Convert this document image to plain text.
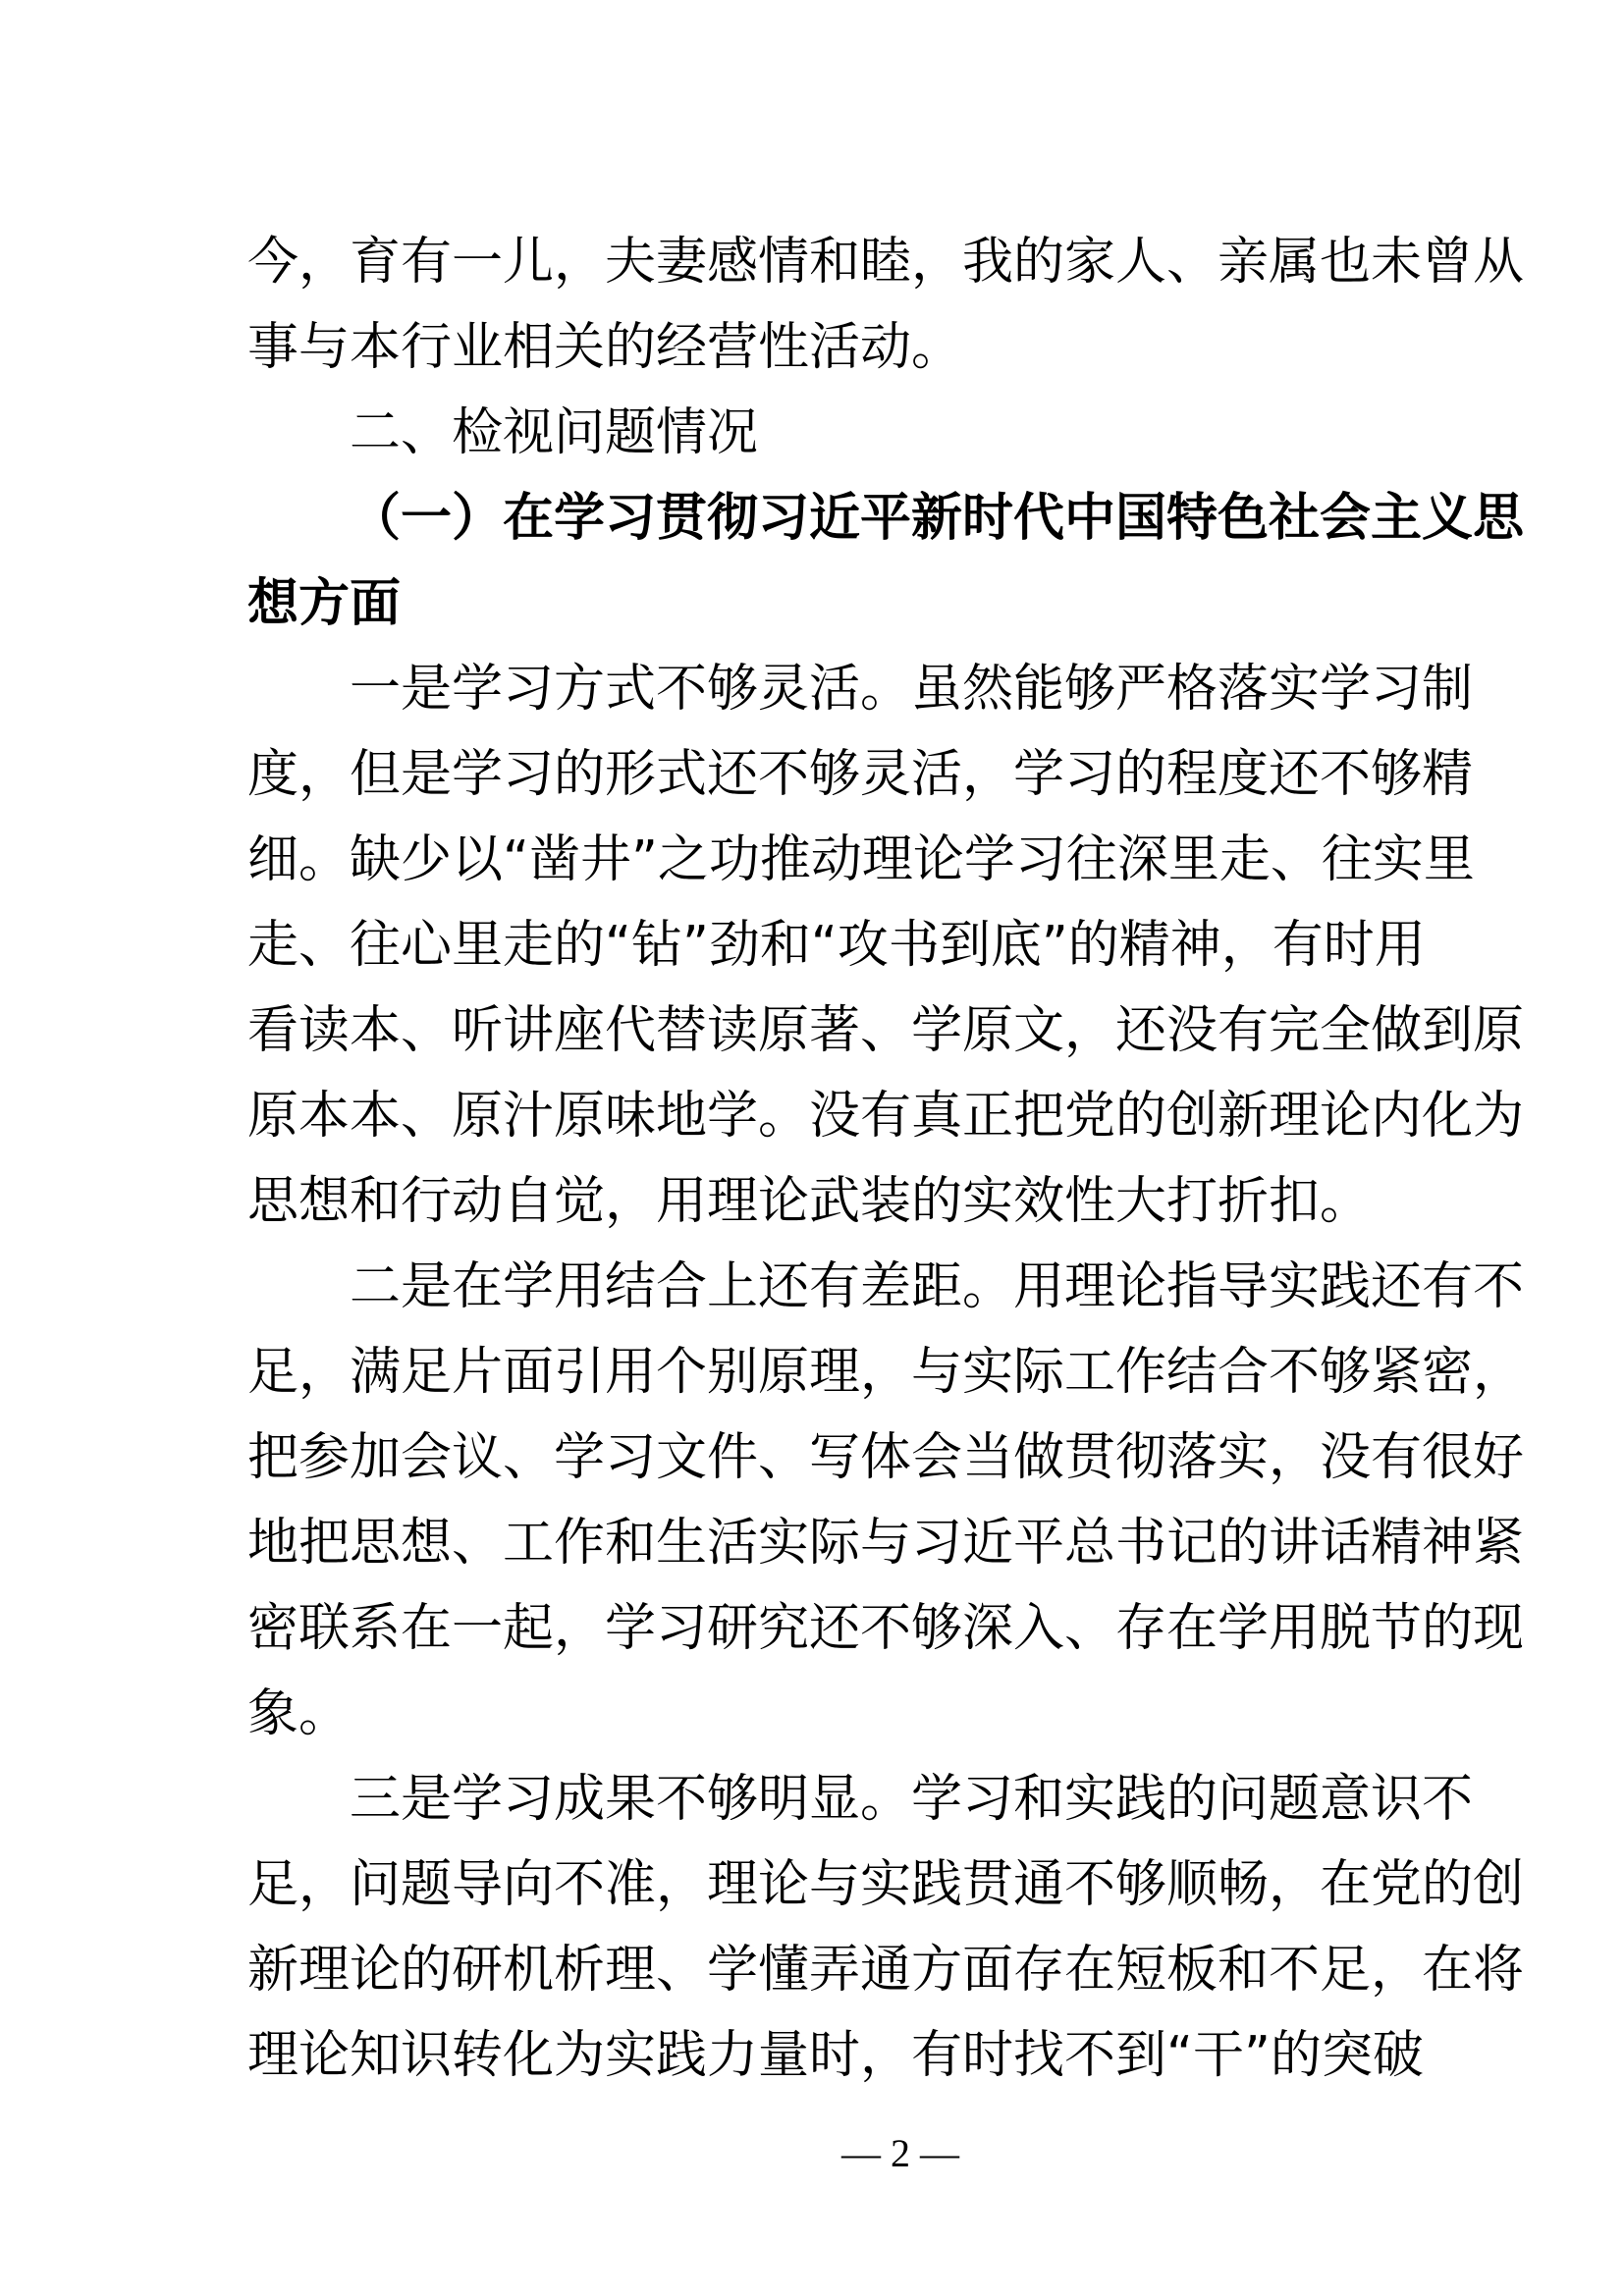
今，育有一儿，夫妻感情和睦，我的家人、亲属也未曾从
事与本行业相关的经营性活动。
二、检视问题情况
（一）在学习贯彻习近平新时代中国特色社会主义思
想方面
一是学习方式不够灵活。虽然能够严格落实学习制
度，但是学习的形式还不够灵活，学习的程度还不够精
细。缺少以“凿井”之功推动理论学习往深里走、往实里
走、往心里走的“钻”劲和“攻书到底”的精神，有时用
看读本、听讲座代替读原著、学原文，还没有完全做到原
原本本、原汁原味地学。没有真正把党的创新理论内化为
思想和行动自觉，用理论武装的实效性大打折扣。
二是在学用结合上还有差距。用理论指导实践还有不
足，满足片面引用个别原理，与实际工作结合不够紧密，
把参加会议、学习文件、写体会当做贯彻落实，没有很好
地把思想、工作和生活实际与习近平总书记的讲话精神紧
密联系在一起，学习研究还不够深入、存在学用脱节的现
象。
三是学习成果不够明显。学习和实践的问题意识不
足，问题导向不准，理论与实践贯通不够顺畅，在党的创
新理论的研机析理、学懂弄通方面存在短板和不足，在将
理论知识转化为实践力量时，有时找不到“干”的突破
— 2 —
